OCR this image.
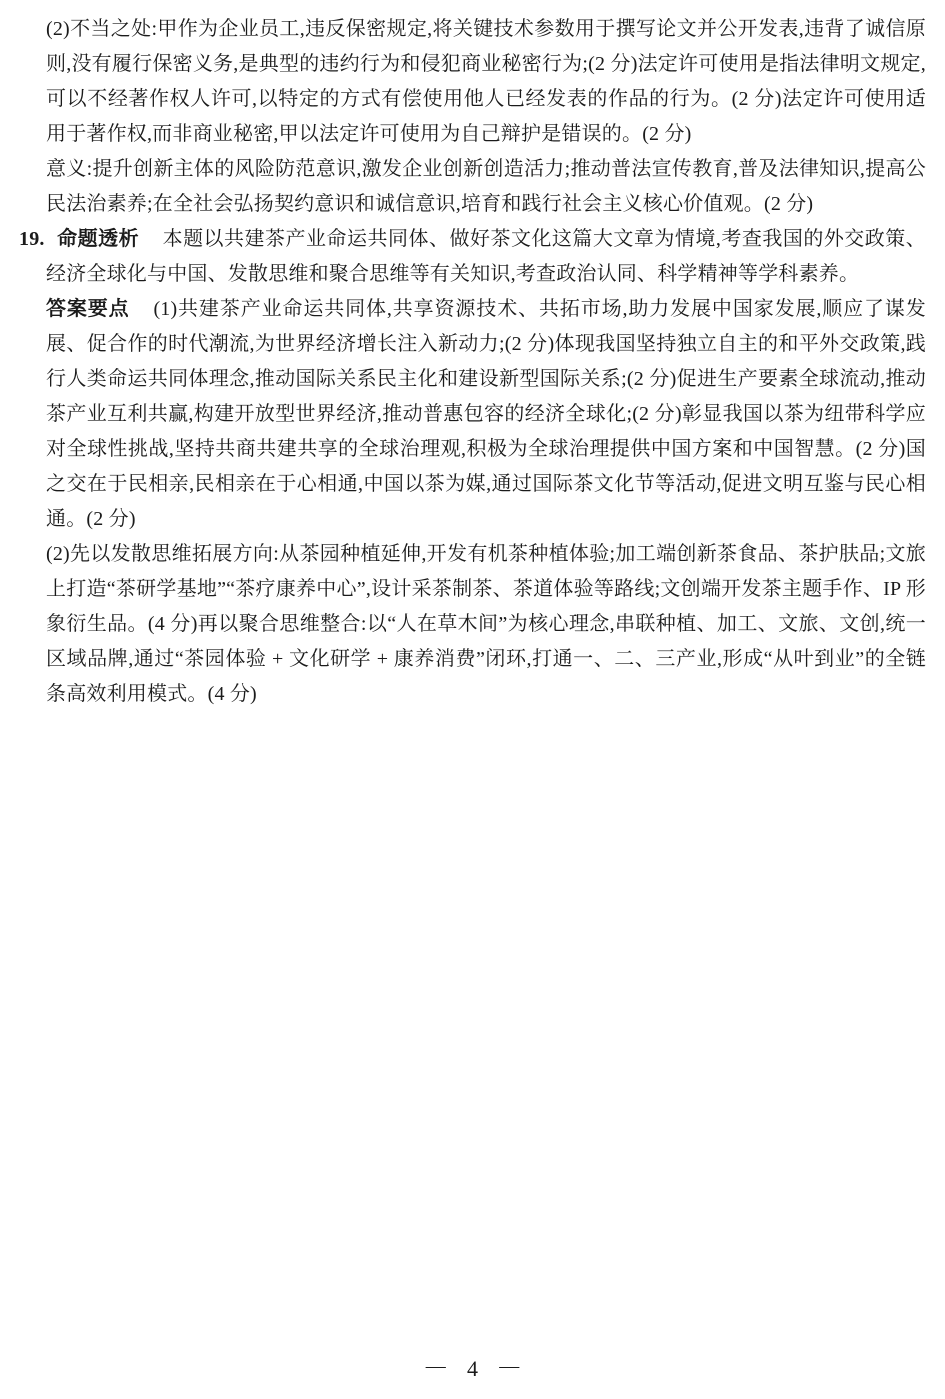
(2)不当之处:甲作为企业员工,违反保密规定,将关键技术参数用于撰写论文并公开发表,违背了诚信原则,没有履行保密义务,是典型的违约行为和侵犯商业秘密行为;(2 分)法定许可使用是指法律明文规定,可以不经著作权人许可,以特定的方式有偿使用他人已经发表的作品的行为。(2 分)法定许可使用适用于著作权,而非商业秘密,甲以法定许可使用为自己辩护是错误的。(2 分)

意义:提升创新主体的风险防范意识,激发企业创新创造活力;推动普法宣传教育,普及法律知识,提高公民法治素养;在全社会弘扬契约意识和诚信意识,培育和践行社会主义核心价值观。(2 分)

19. 命题透析 本题以共建茶产业命运共同体、做好茶文化这篇大文章为情境,考查我国的外交政策、经济全球化与中国、发散思维和聚合思维等有关知识,考查政治认同、科学精神等学科素养。

答案要点 (1)共建茶产业命运共同体,共享资源技术、共拓市场,助力发展中国家发展,顺应了谋发展、促合作的时代潮流,为世界经济增长注入新动力;(2 分)体现我国坚持独立自主的和平外交政策,践行人类命运共同体理念,推动国际关系民主化和建设新型国际关系;(2 分)促进生产要素全球流动,推动茶产业互利共赢,构建开放型世界经济,推动普惠包容的经济全球化;(2 分)彰显我国以茶为纽带科学应对全球性挑战,坚持共商共建共享的全球治理观,积极为全球治理提供中国方案和中国智慧。(2 分)国之交在于民相亲,民相亲在于心相通,中国以茶为媒,通过国际茶文化节等活动,促进文明互鉴与民心相通。(2 分)

(2)先以发散思维拓展方向:从茶园种植延伸,开发有机茶种植体验;加工端创新茶食品、茶护肤品;文旅上打造“茶研学基地”“茶疗康养中心”,设计采茶制茶、茶道体验等路线;文创端开发茶主题手作、IP 形象衍生品。(4 分)再以聚合思维整合:以“人在草木间”为核心理念,串联种植、加工、文旅、文创,统一区域品牌,通过“茶园体验 + 文化研学 + 康养消费”闭环,打通一、二、三产业,形成“从叶到业”的全链条高效利用模式。(4 分)

— 4 —
